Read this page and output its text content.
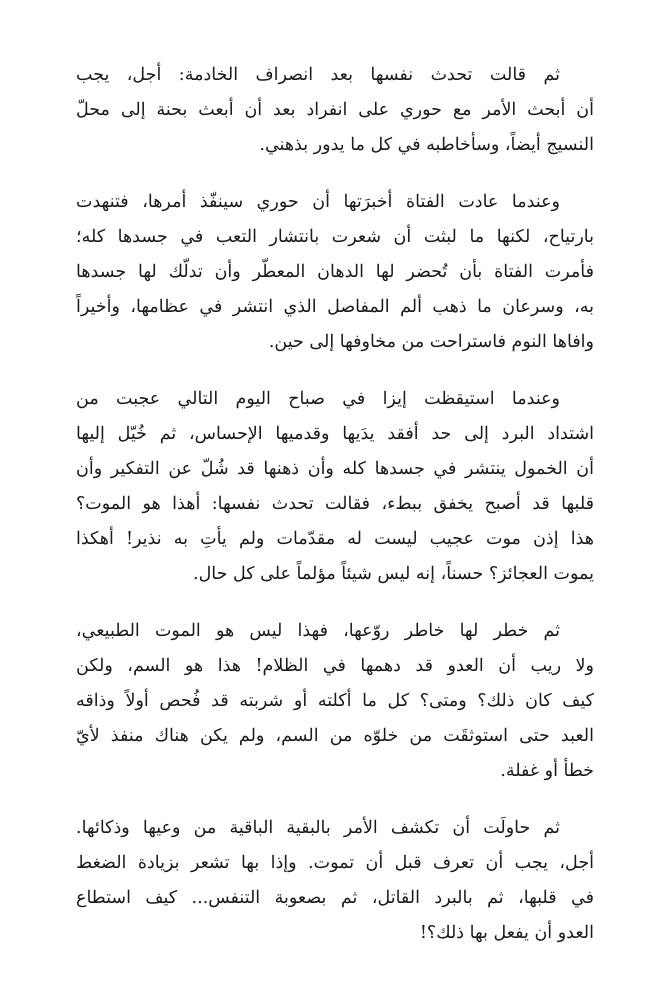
ثم قالت تحدث نفسها بعد انصراف الخادمة: أجل، يجب
أن أبحث الأمر مع حوري على انفراد بعد أن أبعث بحنة إلى محلّ
النسيج أيضاً، وسأخاطبه في كل ما يدور بذهني.

وعندما عادت الفتاة أخبرَتها أن حوري سينفّذ أمرها، فتنهدت
بارتياح، لكنها ما لبثت أن شعرت بانتشار التعب في جسدها كله؛
فأمرت الفتاة بأن تُحضر لها الدهان المعطّر وأن تدلّك لها جسدها
به، وسرعان ما ذهب ألم المفاصل الذي انتشر في عظامها، وأخيراً
وافاها النوم فاستراحت من مخاوفها إلى حين.

وعندما استيقظت إيزا في صباح اليوم التالي عجبت من
اشتداد البرد إلى حد أفقد يدَيها وقدميها الإحساس، ثم خُيّل إليها
أن الخمول ينتشر في جسدها كله وأن ذهنها قد شُلّ عن التفكير وأن
قلبها قد أصبح يخفق ببطء، فقالت تحدث نفسها: أهذا هو الموت؟
هذا إذن موت عجيب ليست له مقدّمات ولم يأتِ به نذير! أهكذا
يموت العجائز؟ حسناً، إنه ليس شيئاً مؤلماً على كل حال.

ثم خطر لها خاطر روّعها، فهذا ليس هو الموت الطبيعي،
ولا ريب أن العدو قد دهمها في الظلام! هذا هو السم، ولكن
كيف كان ذلك؟ ومتى؟ كل ما أكلته أو شربته قد فُحص أولاً وذاقه
العبد حتى استوثقَت من خلوّه من السم، ولم يكن هناك منفذ لأيّ
خطأ أو غفلة.

ثم حاولَت أن تكشف الأمر بالبقية الباقية من وعيها وذكائها.
أجل، يجب أن تعرف قبل أن تموت. وإذا بها تشعر بزيادة الضغط
في قلبها، ثم بالبرد القاتل، ثم بصعوبة التنفس... كيف استطاع
العدو أن يفعل بها ذلك؟!
